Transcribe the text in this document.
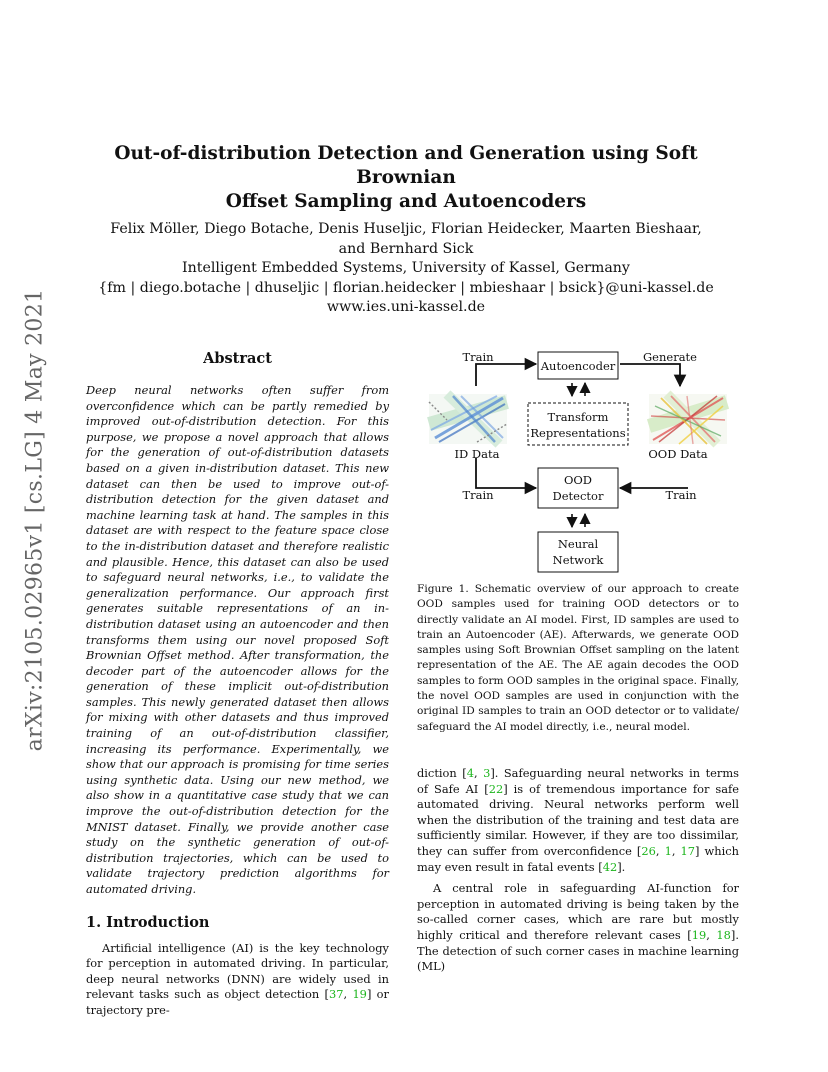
arXiv:2105.02965v1 [cs.LG] 4 May 2021
Out-of-distribution Detection and Generation using Soft Brownian
Offset Sampling and Autoencoders
Felix Möller, Diego Botache, Denis Huseljic, Florian Heidecker, Maarten Bieshaar,
and Bernhard Sick
Intelligent Embedded Systems, University of Kassel, Germany
{fm | diego.botache | dhuseljic | florian.heidecker | mbieshaar | bsick}@uni-kassel.de
www.ies.uni-kassel.de
Abstract

Deep neural networks often suffer from overconfidence which can be partly remedied by improved out-of-distribution detection. For this purpose, we propose a novel approach that allows for the generation of out-of-distribution datasets based on a given in-distribution dataset. This new dataset can then be used to improve out-of-distribution detection for the given dataset and machine learning task at hand. The samples in this dataset are with respect to the feature space close to the in-distribution dataset and therefore realistic and plausible. Hence, this dataset can also be used to safeguard neural networks, i.e., to validate the generalization performance. Our approach first generates suitable representations of an in-distribution dataset using an autoencoder and then transforms them using our novel proposed Soft Brownian Offset method. After transformation, the decoder part of the autoencoder allows for the generation of these implicit out-of-distribution samples. This newly generated dataset then allows for mixing with other datasets and thus improved training of an out-of-distribution classifier, increasing its performance. Experimentally, we show that our approach is promising for time series using synthetic data. Using our new method, we also show in a quantitative case study that we can improve the out-of-distribution detection for the MNIST dataset. Finally, we provide another case study on the synthetic generation of out-of-distribution trajectories, which can be used to validate trajectory prediction algorithms for automated driving.

1. Introduction

Artificial intelligence (AI) is the key technology for perception in automated driving. In particular, deep neural networks (DNN) are widely used in relevant tasks such as object detection [37, 19] or trajectory pre-

Autoencoder
Transform
Representations
OOD
Detector
Neural
Network
Train	Generate
ID Data	OOD Data
Train	Train

Figure 1. Schematic overview of our approach to create OOD samples used for training OOD detectors or to directly validate an AI model. First, ID samples are used to train an Autoencoder (AE). Afterwards, we generate OOD samples using Soft Brownian Offset sampling on the latent representation of the AE. The AE again decodes the OOD samples to form OOD samples in the original space. Finally, the novel OOD samples are used in conjunction with the original ID samples to train an OOD detector or to validate/ safeguard the AI model directly, i.e., neural model.

diction [4, 3]. Safeguarding neural networks in terms of Safe AI [22] is of tremendous importance for safe automated driving. Neural networks perform well when the distribution of the training and test data are sufficiently similar. However, if they are too dissimilar, they can suffer from overconfidence [26, 1, 17] which may even result in fatal events [42].

A central role in safeguarding AI-function for perception in automated driving is being taken by the so-called corner cases, which are rare but mostly highly critical and therefore relevant cases [19, 18]. The detection of such corner cases in machine learning (ML)
